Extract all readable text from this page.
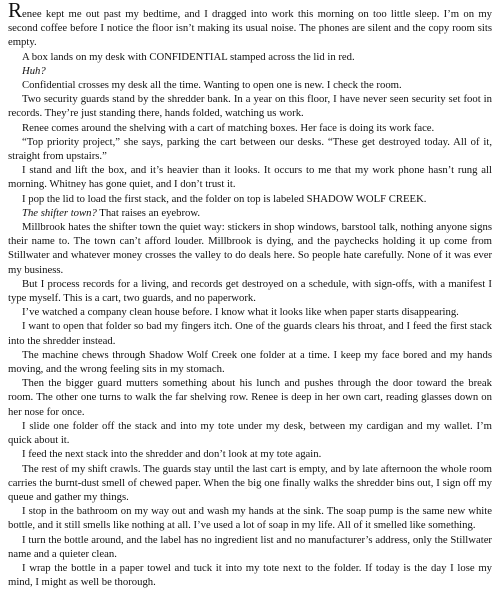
Renee kept me out past my bedtime, and I dragged into work this morning on too little sleep. I’m on my second coffee before I notice the floor isn’t making its usual noise. The phones are silent and the copy room sits empty.

A box lands on my desk with CONFIDENTIAL stamped across the lid in red.

Huh?

Confidential crosses my desk all the time. Wanting to open one is new. I check the room.

Two security guards stand by the shredder bank. In a year on this floor, I have never seen security set foot in records. They’re just standing there, hands folded, watching us work.

Renee comes around the shelving with a cart of matching boxes. Her face is doing its work face.

“Top priority project,” she says, parking the cart between our desks. “These get destroyed today. All of it, straight from upstairs.”

I stand and lift the box, and it’s heavier than it looks. It occurs to me that my work phone hasn’t rung all morning. Whitney has gone quiet, and I don’t trust it.

I pop the lid to load the first stack, and the folder on top is labeled SHADOW WOLF CREEK.

The shifter town? That raises an eyebrow.

Millbrook hates the shifter town the quiet way: stickers in shop windows, barstool talk, nothing anyone signs their name to. The town can’t afford louder. Millbrook is dying, and the paychecks holding it up come from Stillwater and whatever money crosses the valley to do deals here. So people hate carefully. None of it was ever my business.

But I process records for a living, and records get destroyed on a schedule, with sign-offs, with a manifest I type myself. This is a cart, two guards, and no paperwork.

I’ve watched a company clean house before. I know what it looks like when paper starts disappearing.

I want to open that folder so bad my fingers itch. One of the guards clears his throat, and I feed the first stack into the shredder instead.

The machine chews through Shadow Wolf Creek one folder at a time. I keep my face bored and my hands moving, and the wrong feeling sits in my stomach.

Then the bigger guard mutters something about his lunch and pushes through the door toward the break room. The other one turns to walk the far shelving row. Renee is deep in her own cart, reading glasses down on her nose for once.

I slide one folder off the stack and into my tote under my desk, between my cardigan and my wallet. I’m quick about it.

I feed the next stack into the shredder and don’t look at my tote again.

The rest of my shift crawls. The guards stay until the last cart is empty, and by late afternoon the whole room carries the burnt-dust smell of chewed paper. When the big one finally walks the shredder bins out, I sign off my queue and gather my things.

I stop in the bathroom on my way out and wash my hands at the sink. The soap pump is the same new white bottle, and it still smells like nothing at all. I’ve used a lot of soap in my life. All of it smelled like something.

I turn the bottle around, and the label has no ingredient list and no manufacturer’s address, only the Stillwater name and a quieter clean.

I wrap the bottle in a paper towel and tuck it into my tote next to the folder. If today is the day I lose my mind, I might as well be thorough.
